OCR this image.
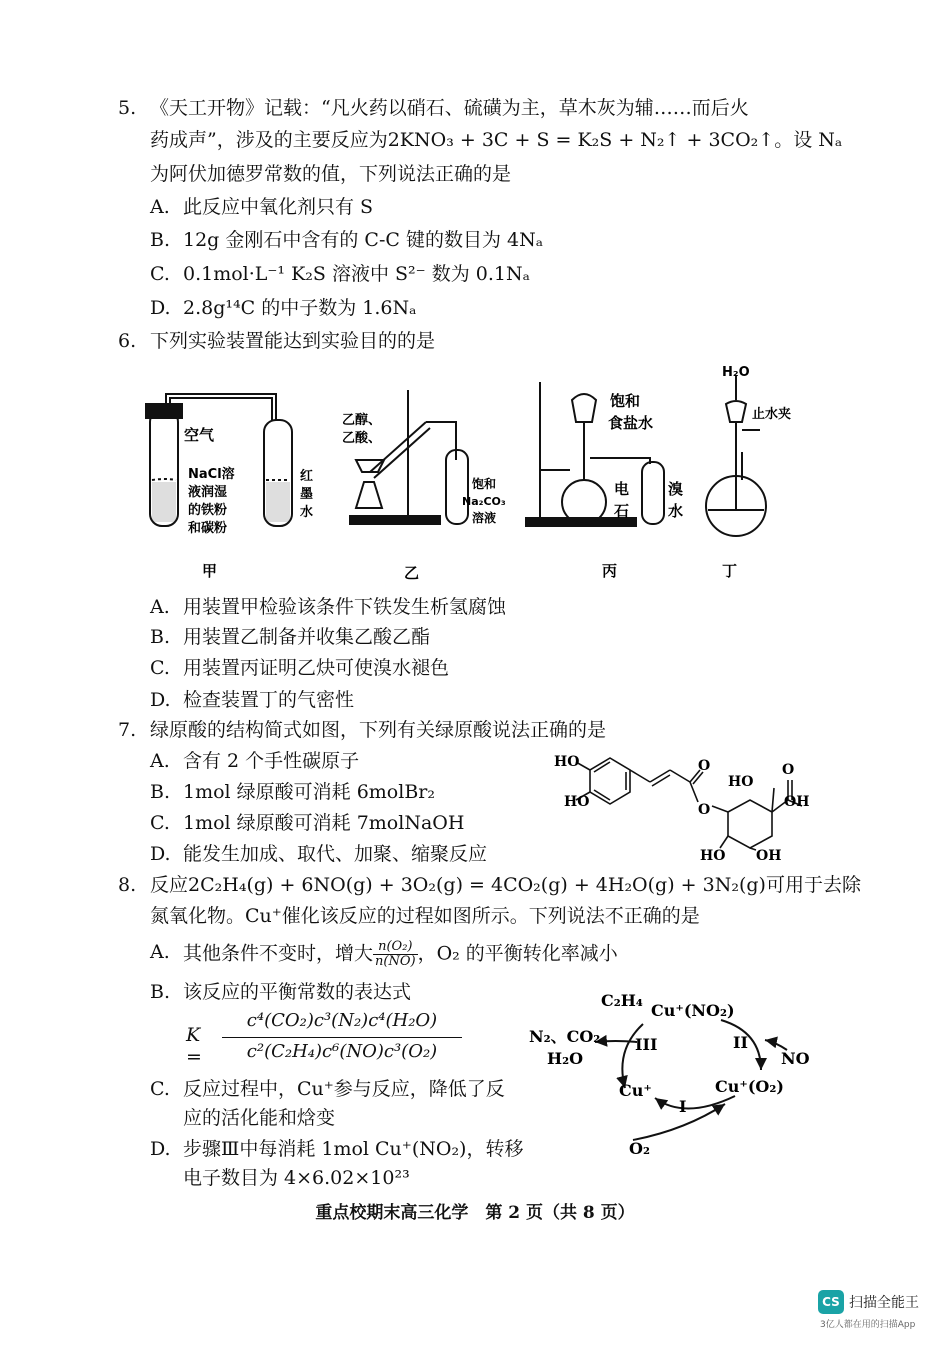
5. 《天工开物》记载：“凡火药以硝石、硫磺为主，草木灰为辅……而后火
药成声”，涉及的主要反应为2KNO₃ + 3C + S = K₂S + N₂↑ + 3CO₂↑。设 Nₐ
为阿伏加德罗常数的值，下列说法正确的是
A. 此反应中氧化剂只有 S
B. 12g 金刚石中含有的 C-C 键的数目为 4Nₐ
C. 0.1mol·L⁻¹ K₂S 溶液中 S²⁻ 数为 0.1Nₐ
D. 2.8g¹⁴C 的中子数为 1.6Nₐ
6. 下列实验装置能达到实验目的的是
空气
NaCl溶
液润湿
的铁粉
和碳粉
红
墨
水
乙醇、
乙酸、
饱和
Na₂CO₃
溶液
饱和
食盐水
电
石
溴
水
H₂O
止水夹
甲	乙	丙	丁
A. 用装置甲检验该条件下铁发生析氢腐蚀
B. 用装置乙制备并收集乙酸乙酯
C. 用装置丙证明乙炔可使溴水褪色
D. 检查装置丁的气密性
7. 绿原酸的结构简式如图，下列有关绿原酸说法正确的是
A. 含有 2 个手性碳原子
B. 1mol 绿原酸可消耗 6molBr₂
C. 1mol 绿原酸可消耗 7molNaOH
D. 能发生加成、取代、加聚、缩聚反应
HO
HO
O
O
HO
O
OH
HO OH
8. 反应2C₂H₄(g) + 6NO(g) + 3O₂(g) = 4CO₂(g) + 4H₂O(g) + 3N₂(g)可用于去除
氮氧化物。Cu⁺催化该反应的过程如图所示。下列说法不正确的是
A. 其他条件不变时，增大 $\frac{\text{n(O₂)}}{n(NO)}$ ，O₂ 的平衡转化率减小
B. 该反应的平衡常数的表达式
K =
c⁴(CO₂)c³(N₂)c⁴(H₂O)
c²(C₂H₄)c⁶(NO)c³(O₂)
C. 反应过程中，Cu⁺参与反应，降低了反
应的活化能和焓变
D. 步骤Ⅲ中每消耗 1mol Cu⁺(NO₂)，转移
电子数目为 4×6.02×10²³
C₂H₄
Cu⁺(NO₂)
N₂、CO₂
H₂O
III	II
NO
Cu⁺	Cu⁺(O₂)
I
O₂
重点校期末高三化学　第 2 页（共 8 页）
CS 扫描全能王
3亿人都在用的扫描App
